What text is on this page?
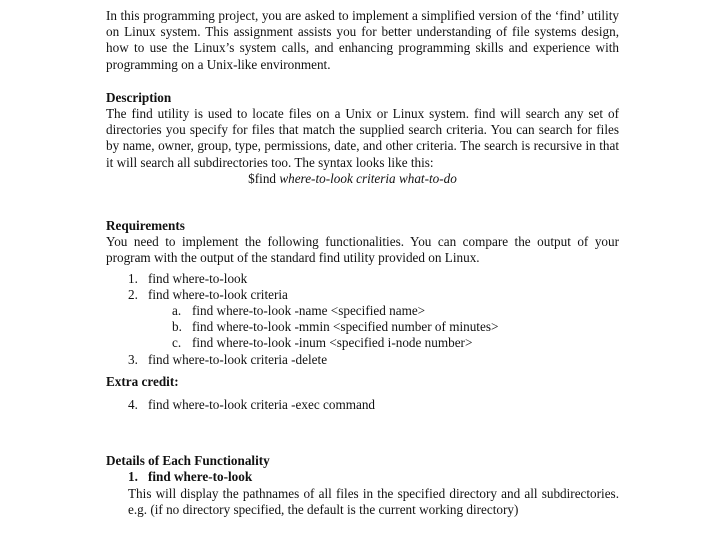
In this programming project, you are asked to implement a simplified version of the ‘find’ utility on Linux system. This assignment assists you for better understanding of file systems design, how to use the Linux’s system calls, and enhancing programming skills and experience with programming on a Unix-like environment.

Description

The find utility is used to locate files on a Unix or Linux system. find will search any set of directories you specify for files that match the supplied search criteria. You can search for files by name, owner, group, type, permissions, date, and other criteria. The search is recursive in that it will search all subdirectories too. The syntax looks like this:

$find where-to-look criteria what-to-do

Requirements

You need to implement the following functionalities. You can compare the output of your program with the output of the standard find utility provided on Linux.

1. find where-to-look
2. find where-to-look criteria
a. find where-to-look -name <specified name>
b. find where-to-look -mmin <specified number of minutes>
c. find where-to-look -inum <specified i-node number>
3. find where-to-look criteria -delete

Extra credit:

4. find where-to-look criteria -exec command

Details of Each Functionality

1. find where-to-look

This will display the pathnames of all files in the specified directory and all subdirectories. e.g. (if no directory specified, the default is the current working directory)
